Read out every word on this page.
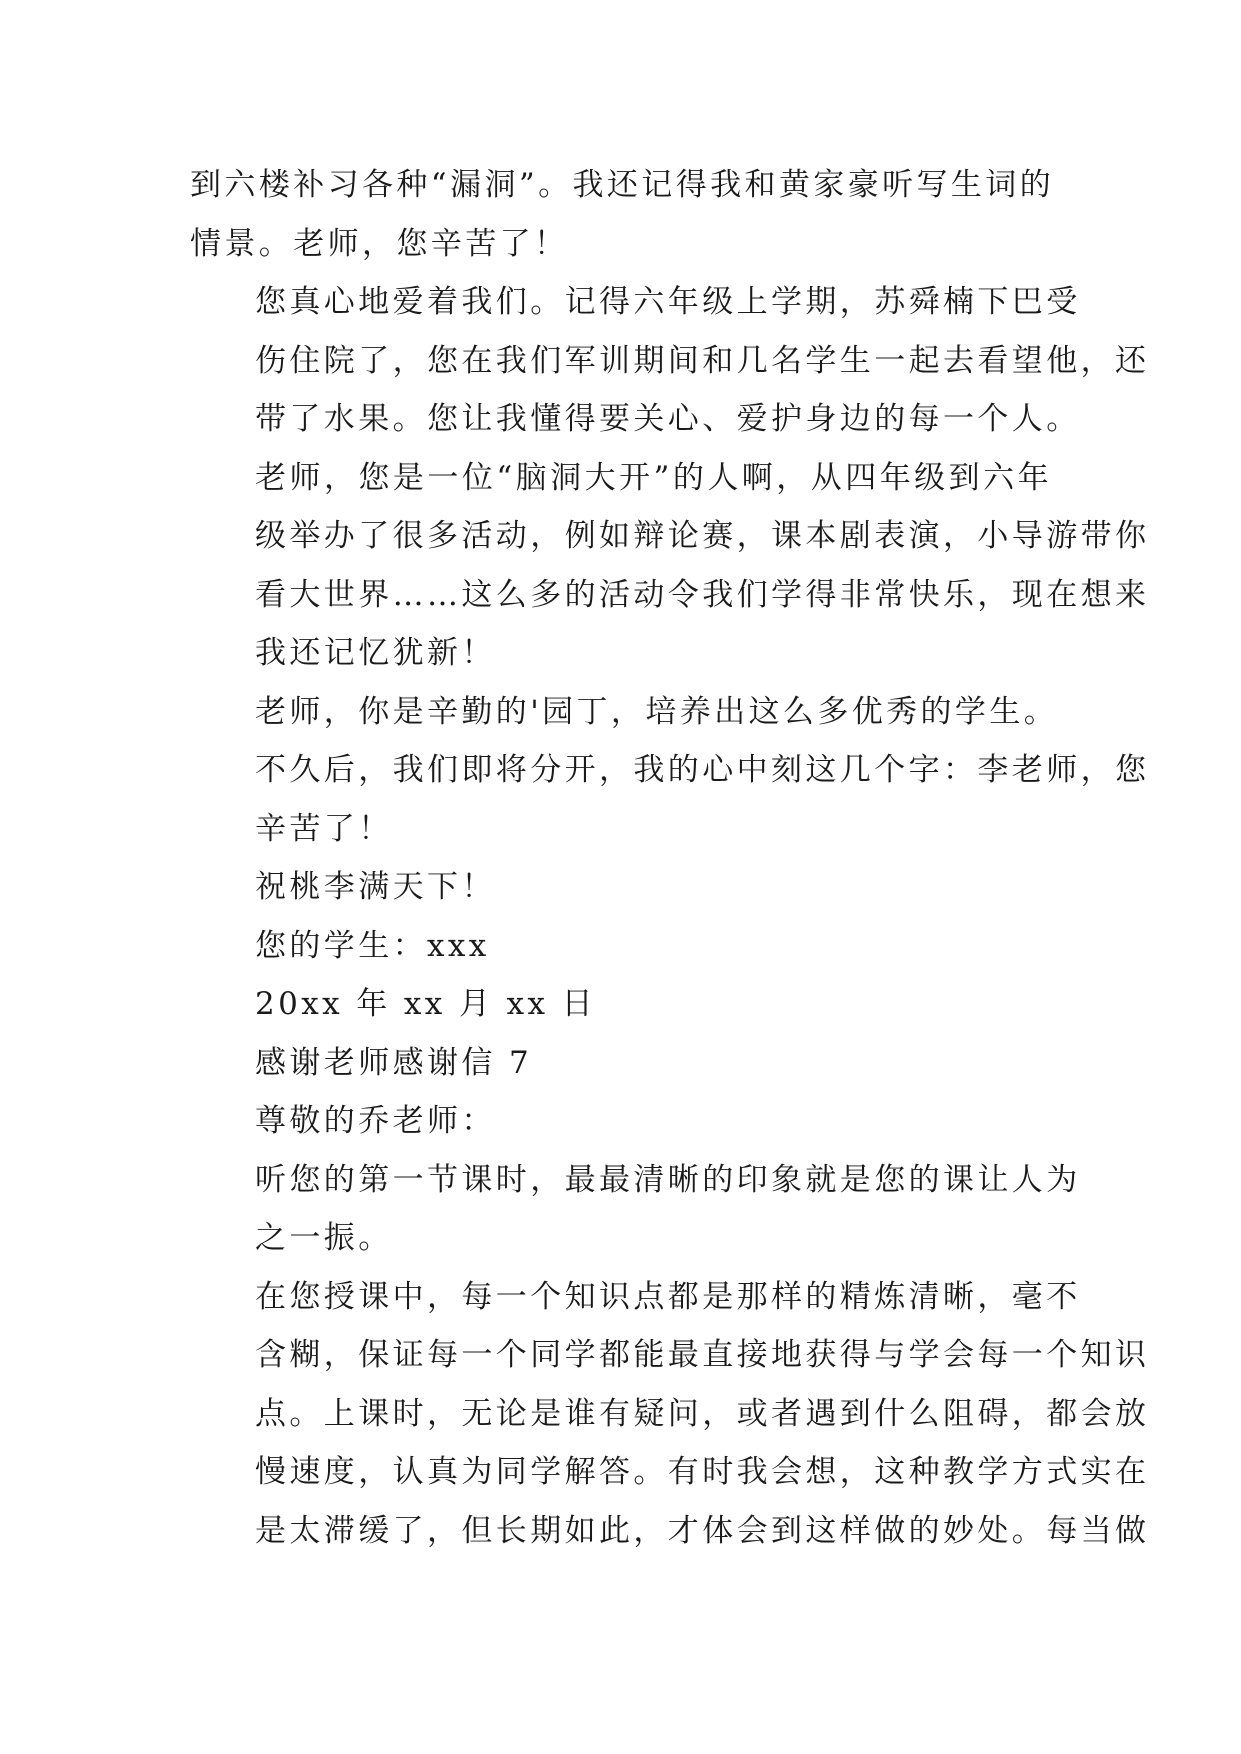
到六楼补习各种“漏洞”。我还记得我和黄家豪听写生词的
情景。老师，您辛苦了！
您真心地爱着我们。记得六年级上学期，苏舜楠下巴受
伤住院了，您在我们军训期间和几名学生一起去看望他，还
带了水果。您让我懂得要关心、爱护身边的每一个人。
老师，您是一位“脑洞大开”的人啊，从四年级到六年
级举办了很多活动，例如辩论赛，课本剧表演，小导游带你
看大世界……这么多的活动令我们学得非常快乐，现在想来
我还记忆犹新！
老师，你是辛勤的'园丁，培养出这么多优秀的学生。
不久后，我们即将分开，我的心中刻这几个字：李老师，您
辛苦了！
祝桃李满天下！
您的学生：xxx
20xx 年 xx 月 xx 日
感谢老师感谢信 7
尊敬的乔老师：
听您的第一节课时，最最清晰的印象就是您的课让人为
之一振。
在您授课中，每一个知识点都是那样的精炼清晰，毫不
含糊，保证每一个同学都能最直接地获得与学会每一个知识
点。上课时，无论是谁有疑问，或者遇到什么阻碍，都会放
慢速度，认真为同学解答。有时我会想，这种教学方式实在
是太滞缓了，但长期如此，才体会到这样做的妙处。每当做
